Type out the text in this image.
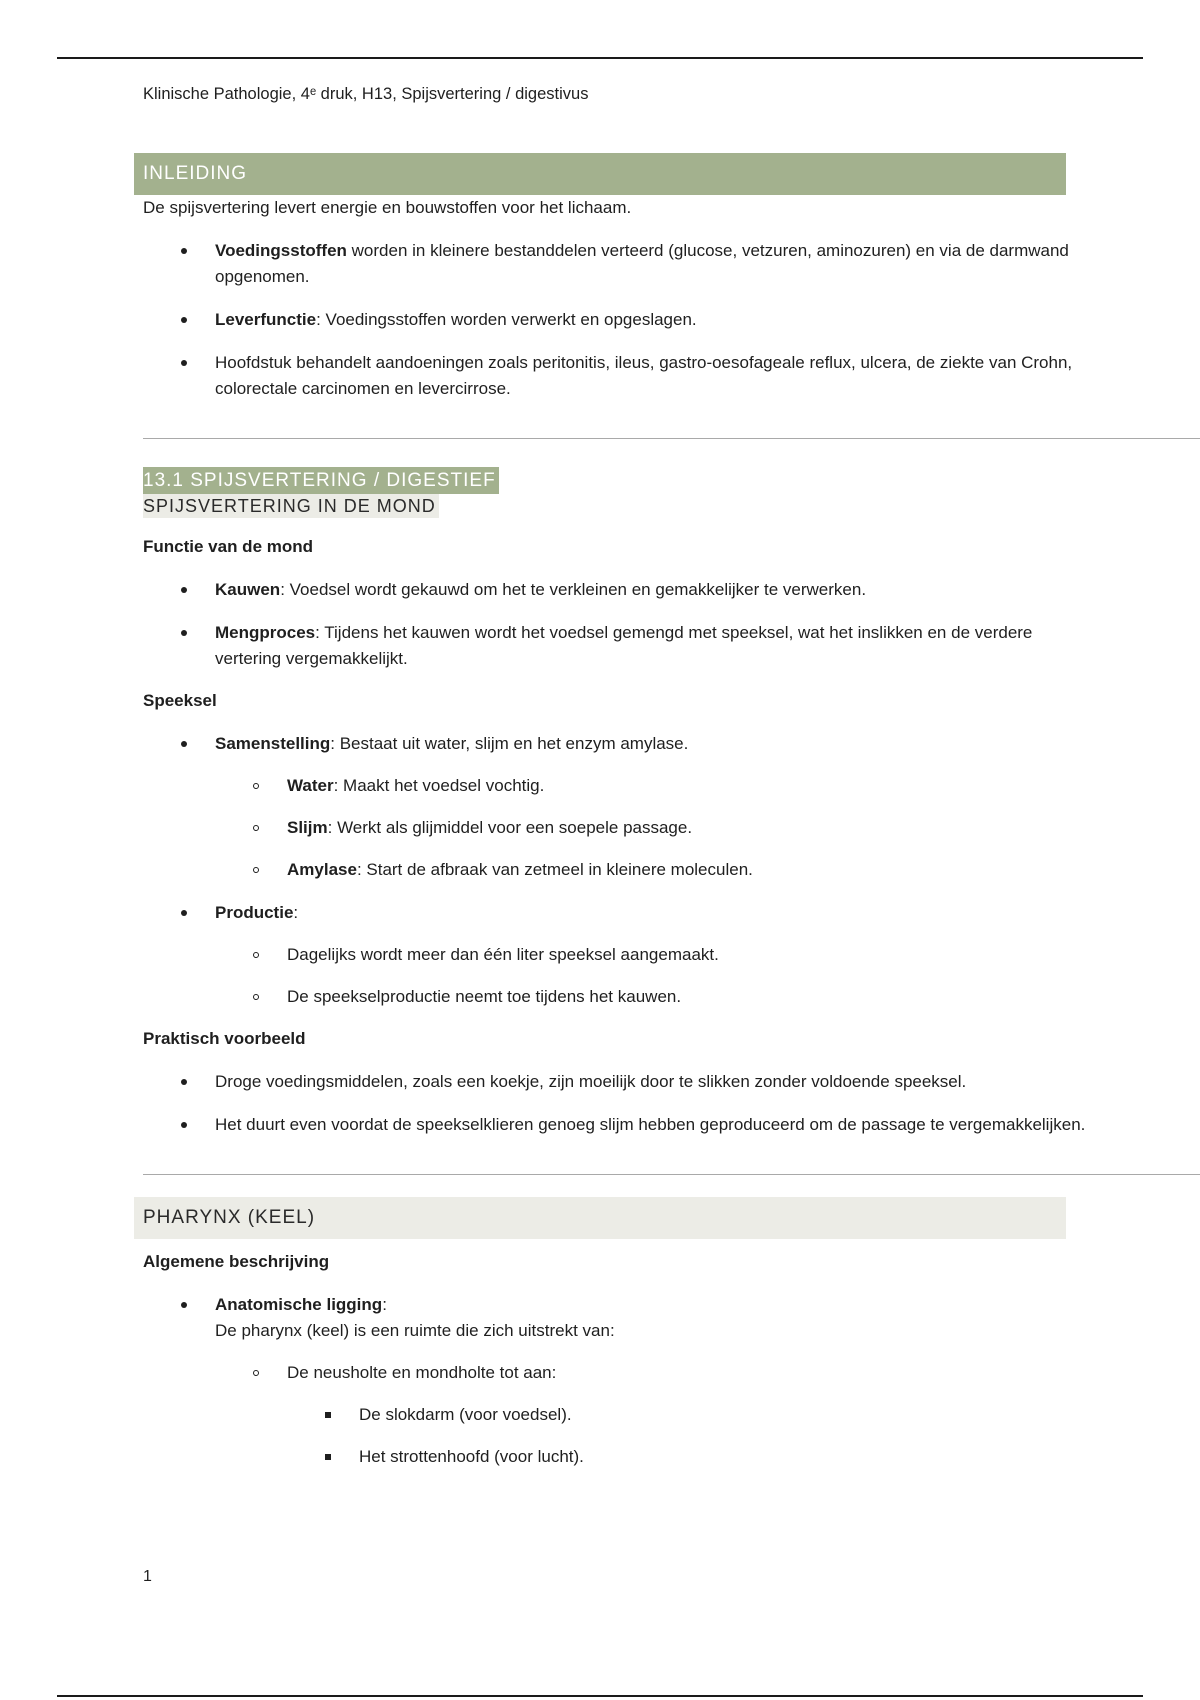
Klinische Pathologie, 4ᵉ druk, H13, Spijsvertering / digestivus

INLEIDING

De spijsvertering levert energie en bouwstoffen voor het lichaam.

Voedingsstoffen worden in kleinere bestanddelen verteerd (glucose, vetzuren, aminozuren) en via de darmwand opgenomen.
Leverfunctie: Voedingsstoffen worden verwerkt en opgeslagen.
Hoofdstuk behandelt aandoeningen zoals peritonitis, ileus, gastro-oesofageale reflux, ulcera, de ziekte van Crohn, colorectale carcinomen en levercirrose.
13.1 SPIJSVERTERING / DIGESTIEF
SPIJSVERTERING IN DE MOND

Functie van de mond

Kauwen: Voedsel wordt gekauwd om het te verkleinen en gemakkelijker te verwerken.
Mengproces: Tijdens het kauwen wordt het voedsel gemengd met speeksel, wat het inslikken en de verdere vertering vergemakkelijkt.

Speeksel

Samenstelling: Bestaat uit water, slijm en het enzym amylase.
Water: Maakt het voedsel vochtig.
Slijm: Werkt als glijmiddel voor een soepele passage.
Amylase: Start de afbraak van zetmeel in kleinere moleculen.
Productie:
Dagelijks wordt meer dan één liter speeksel aangemaakt.
De speekselproductie neemt toe tijdens het kauwen.

Praktisch voorbeeld

Droge voedingsmiddelen, zoals een koekje, zijn moeilijk door te slikken zonder voldoende speeksel.
Het duurt even voordat de speekselklieren genoeg slijm hebben geproduceerd om de passage te vergemakkelijken.
PHARYNX (KEEL)

Algemene beschrijving

Anatomische ligging:
De pharynx (keel) is een ruimte die zich uitstrekt van:
De neusholte en mondholte tot aan:
De slokdarm (voor voedsel).
Het strottenhoofd (voor lucht).
1
